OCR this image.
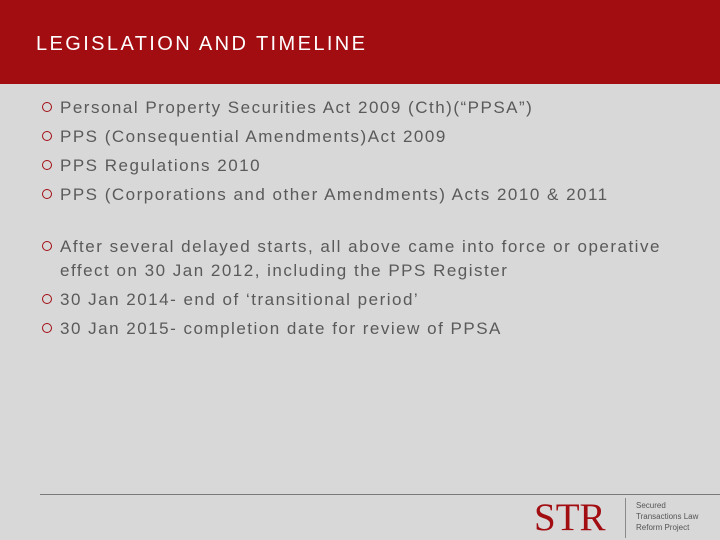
LEGISLATION AND TIMELINE
Personal Property Securities Act 2009 (Cth)(“PPSA”)
PPS (Consequential Amendments)Act 2009
PPS Regulations 2010
PPS (Corporations and other Amendments) Acts 2010 & 2011
After several delayed starts, all above came into force or operative effect on 30 Jan 2012, including the PPS Register
30 Jan 2014- end of ‘transitional period’
30 Jan 2015- completion date for review of PPSA
STR	Secured
Transactions Law
Reform Project
